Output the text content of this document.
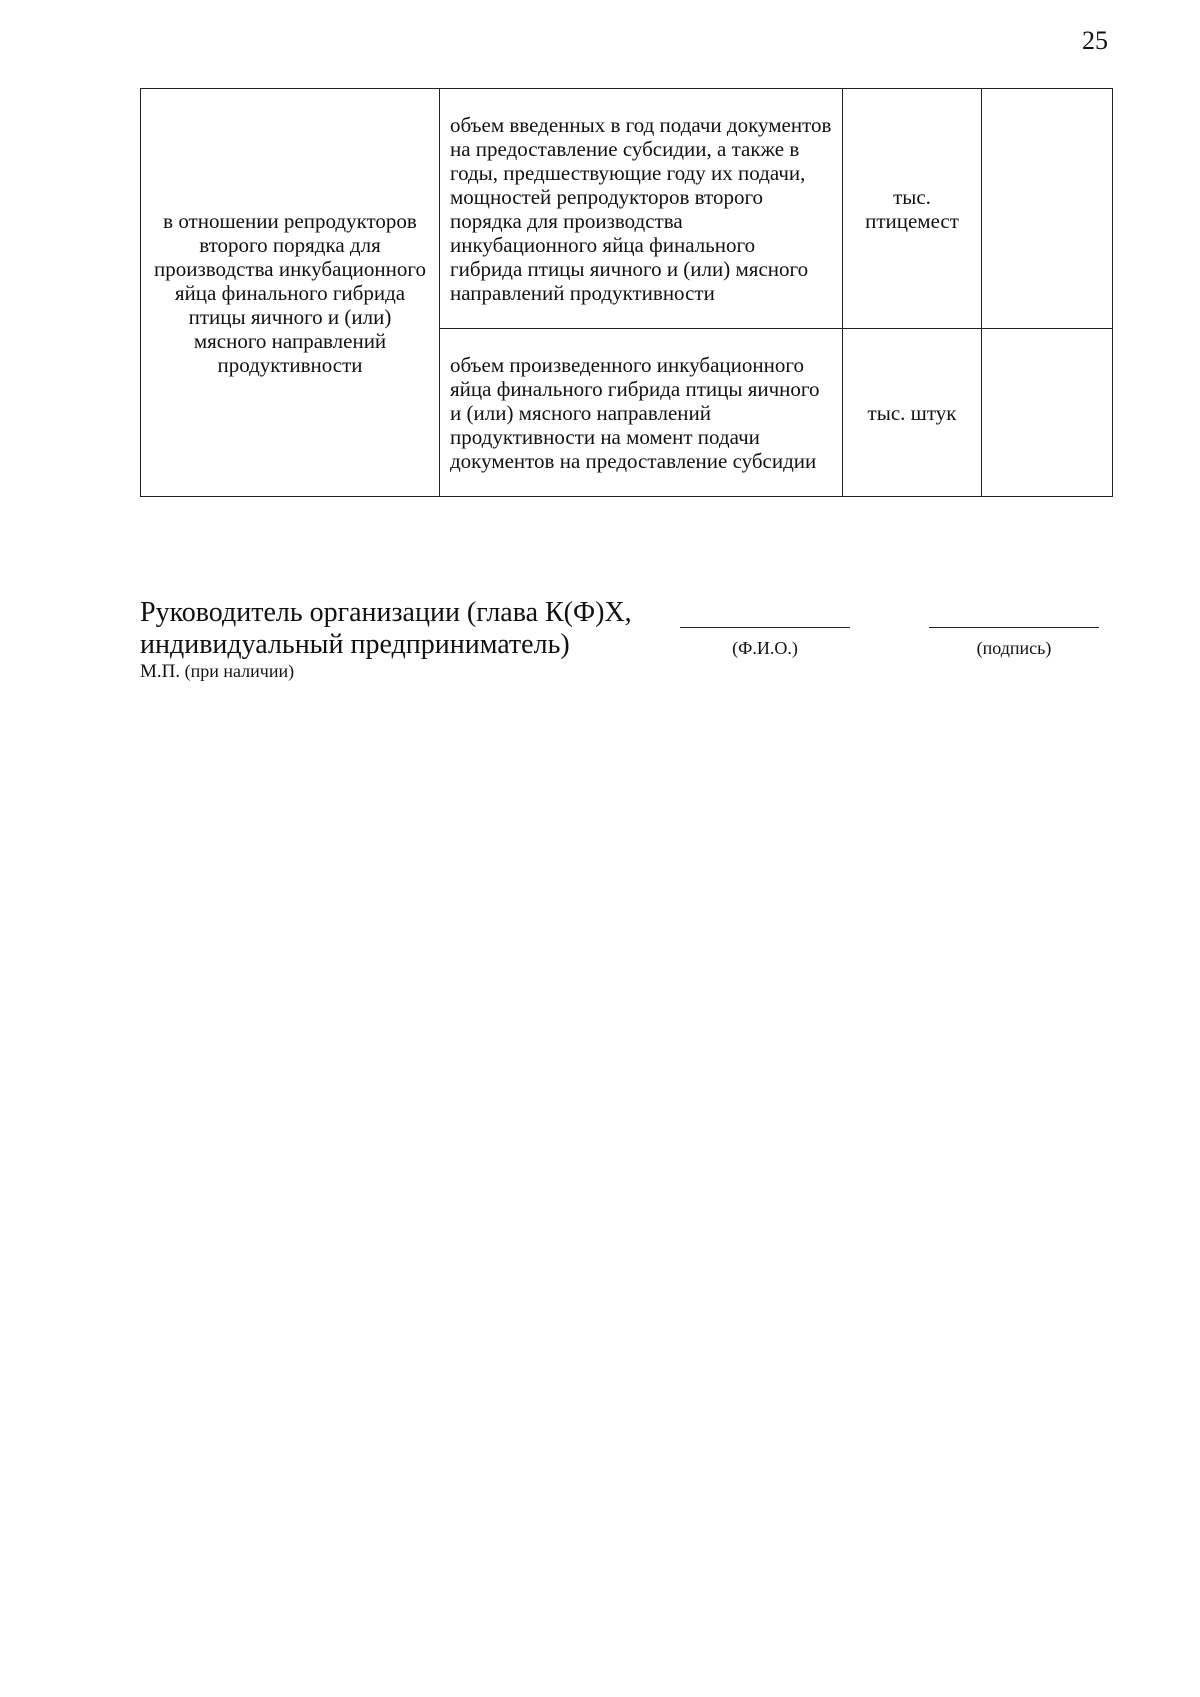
25
в отношении репродукторов второго порядка для производства инкубационного яйца финального гибрида птицы яичного и (или) мясного направлений продуктивности	объем введенных в год подачи документов на предоставление субсидии, а также в годы, предшествующие году их подачи, мощностей репродукторов второго порядка для производства инкубационного яйца финального гибрида птицы яичного и (или) мясного направлений продуктивности	тыс. птицемест	
	объем произведенного инкубационного яйца финального гибрида птицы яичного и (или) мясного направлений продуктивности на момент подачи документов на предоставление субсидии	тыс. штук	
Руководитель организации (глава К(Ф)Х,
индивидуальный предприниматель)	(Ф.И.О.)	(подпись)
М.П. (при наличии)
